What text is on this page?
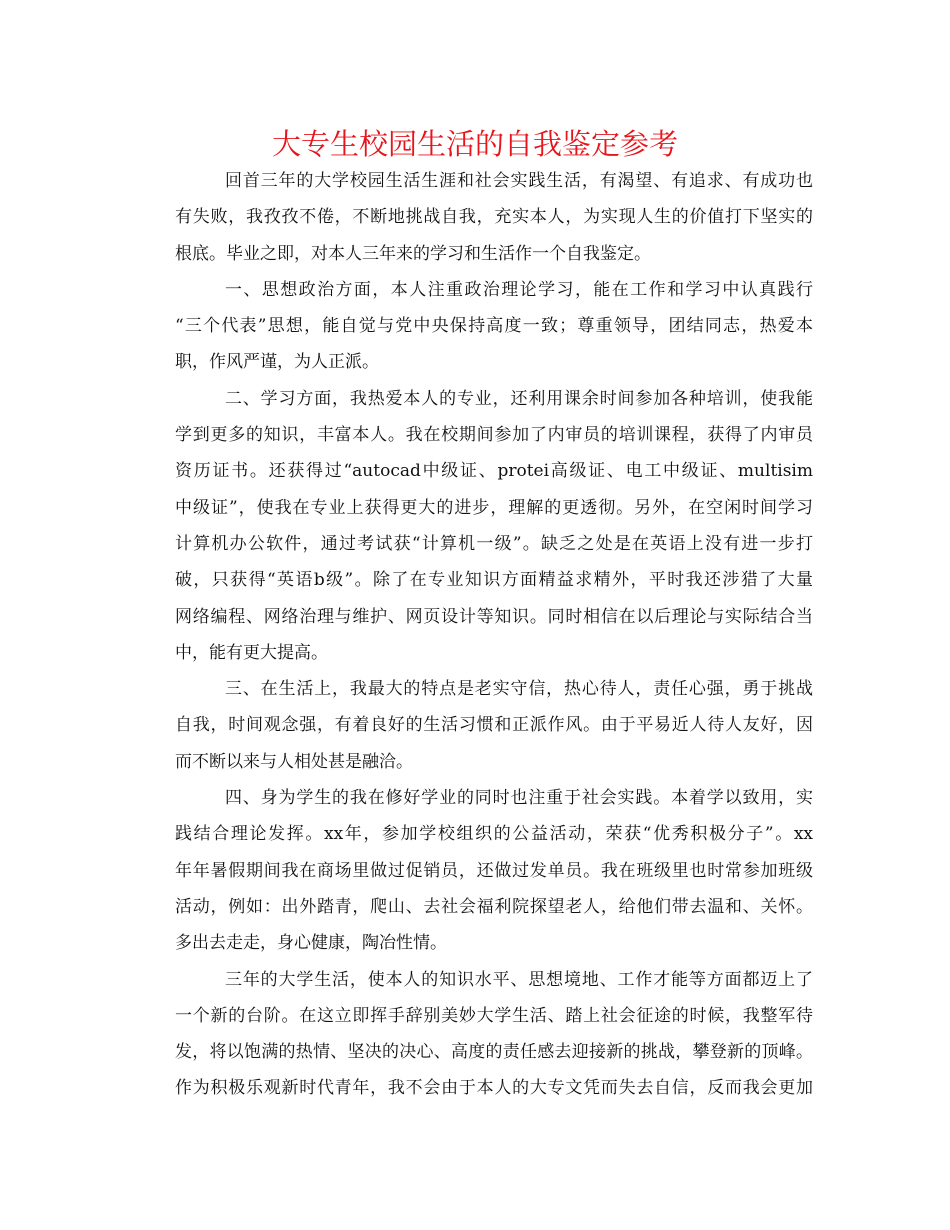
大专生校园生活的自我鉴定参考
回首三年的大学校园生活生涯和社会实践生活，有渴望、有追求、有成功也
有失败，我孜孜不倦，不断地挑战自我，充实本人，为实现人生的价值打下坚实的
根底。毕业之即，对本人三年来的学习和生活作一个自我鉴定。
一、思想政治方面，本人注重政治理论学习，能在工作和学习中认真践行
“三个代表”思想，能自觉与党中央保持高度一致；尊重领导，团结同志，热爱本
职，作风严谨，为人正派。
二、学习方面，我热爱本人的专业，还利用课余时间参加各种培训，使我能
学到更多的知识，丰富本人。我在校期间参加了内审员的培训课程，获得了内审员
资历证书。还获得过“autocad中级证、protei高级证、电工中级证、multisim
中级证”，使我在专业上获得更大的进步，理解的更透彻。另外，在空闲时间学习
计算机办公软件，通过考试获“计算机一级”。缺乏之处是在英语上没有进一步打
破，只获得“英语b级”。除了在专业知识方面精益求精外，平时我还涉猎了大量
网络编程、网络治理与维护、网页设计等知识。同时相信在以后理论与实际结合当
中，能有更大提高。
三、在生活上，我最大的特点是老实守信，热心待人，责任心强，勇于挑战
自我，时间观念强，有着良好的生活习惯和正派作风。由于平易近人待人友好，因
而不断以来与人相处甚是融洽。
四、身为学生的我在修好学业的同时也注重于社会实践。本着学以致用，实
践结合理论发挥。xx年，参加学校组织的公益活动，荣获“优秀积极分子”。xx
年年暑假期间我在商场里做过促销员，还做过发单员。我在班级里也时常参加班级
活动，例如：出外踏青，爬山、去社会福利院探望老人，给他们带去温和、关怀。
多出去走走，身心健康，陶冶性情。
三年的大学生活，使本人的知识水平、思想境地、工作才能等方面都迈上了
一个新的台阶。在这立即挥手辞别美妙大学生活、踏上社会征途的时候，我整军待
发，将以饱满的热情、坚决的决心、高度的责任感去迎接新的挑战，攀登新的顶峰。
作为积极乐观新时代青年，我不会由于本人的大专文凭而失去自信，反而我会更加
